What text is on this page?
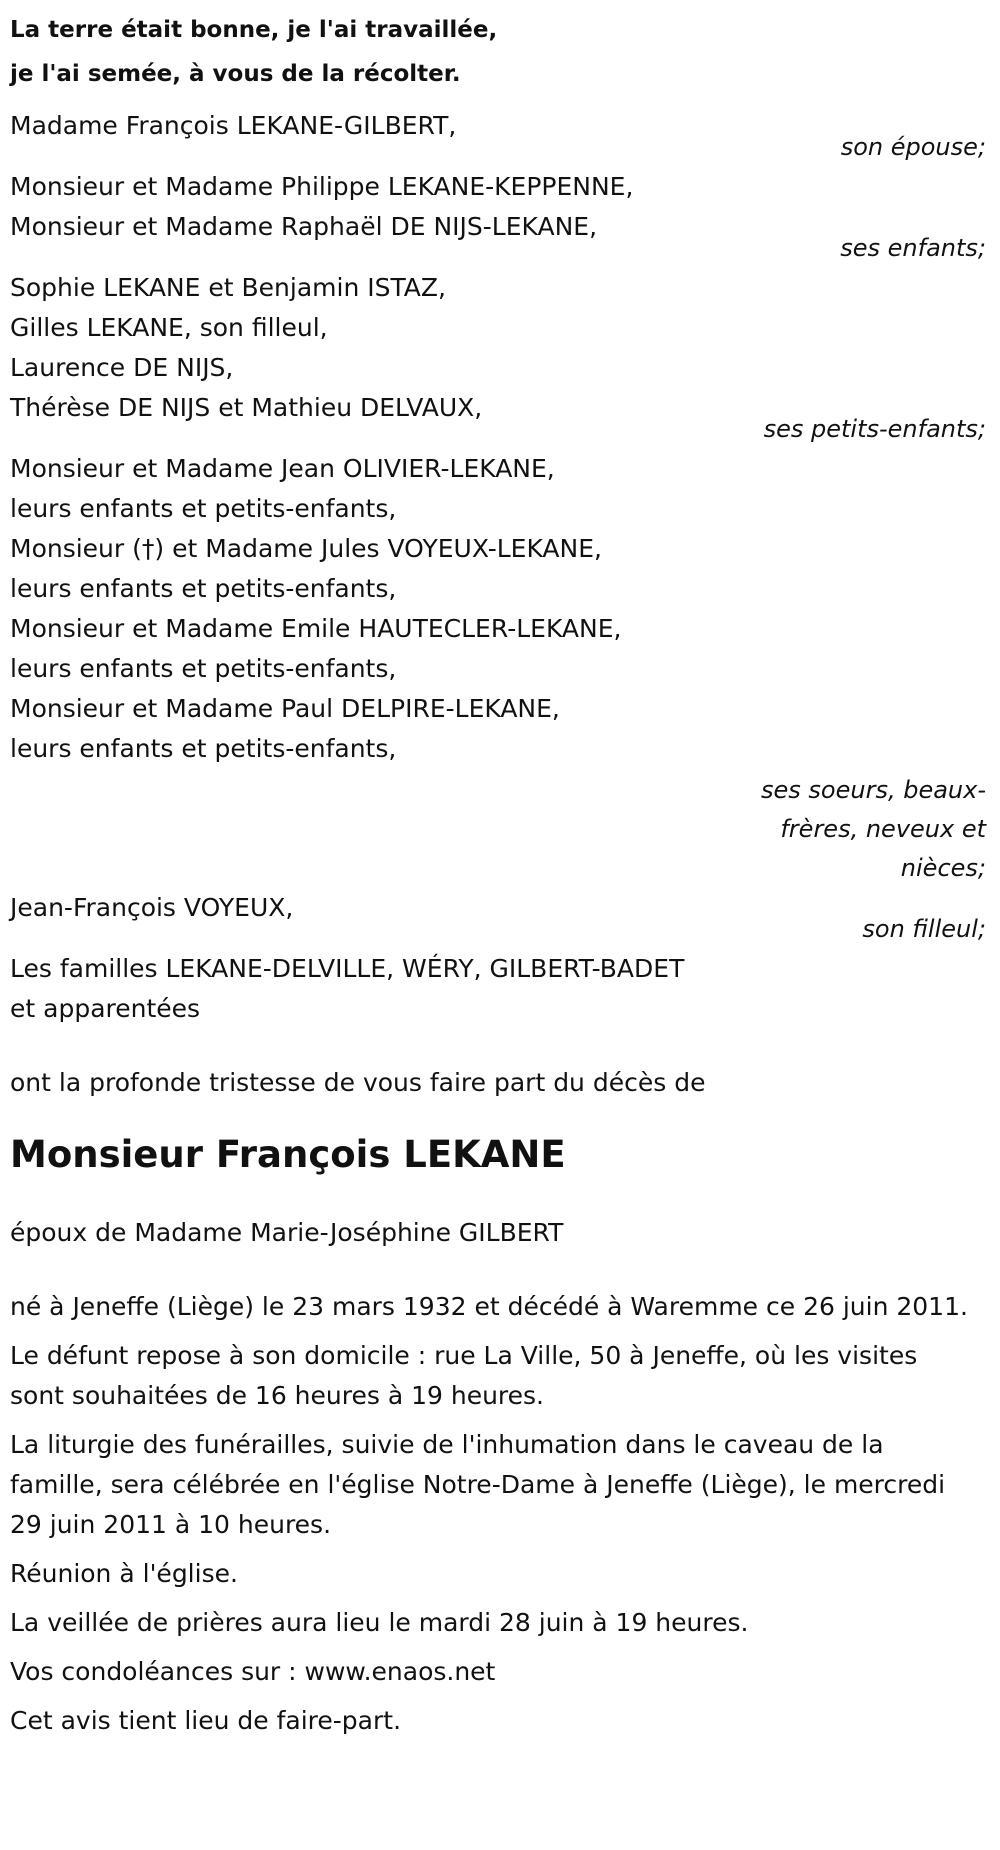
La terre était bonne, je l'ai travaillée,
je l'ai semée, à vous de la récolter.
Madame François LEKANE-GILBERT,
son épouse;
Monsieur et Madame Philippe LEKANE-KEPPENNE,
Monsieur et Madame Raphaël DE NIJS-LEKANE,
ses enfants;
Sophie LEKANE et Benjamin ISTAZ,
Gilles LEKANE, son filleul,
Laurence DE NIJS,
Thérèse DE NIJS et Mathieu DELVAUX,
ses petits-enfants;
Monsieur et Madame Jean OLIVIER-LEKANE,
leurs enfants et petits-enfants,
Monsieur (†) et Madame Jules VOYEUX-LEKANE,
leurs enfants et petits-enfants,
Monsieur et Madame Emile HAUTECLER-LEKANE,
leurs enfants et petits-enfants,
Monsieur et Madame Paul DELPIRE-LEKANE,
leurs enfants et petits-enfants,
ses soeurs, beaux-frères, neveux et nièces;
Jean-François VOYEUX,
son filleul;
Les familles LEKANE-DELVILLE, WÉRY, GILBERT-BADET
et apparentées
ont la profonde tristesse de vous faire part du décès de
Monsieur François LEKANE
époux de Madame Marie-Joséphine GILBERT
né à Jeneffe (Liège) le 23 mars 1932 et décédé à Waremme ce 26 juin 2011.
Le défunt repose à son domicile : rue La Ville, 50 à Jeneffe, où les visites sont souhaitées de 16 heures à 19 heures.
La liturgie des funérailles, suivie de l'inhumation dans le caveau de la famille, sera célébrée en l'église Notre-Dame à Jeneffe (Liège), le mercredi 29 juin 2011 à 10 heures.
Réunion à l'église.
La veillée de prières aura lieu le mardi 28 juin à 19 heures.
Vos condoléances sur : www.enaos.net
Cet avis tient lieu de faire-part.
